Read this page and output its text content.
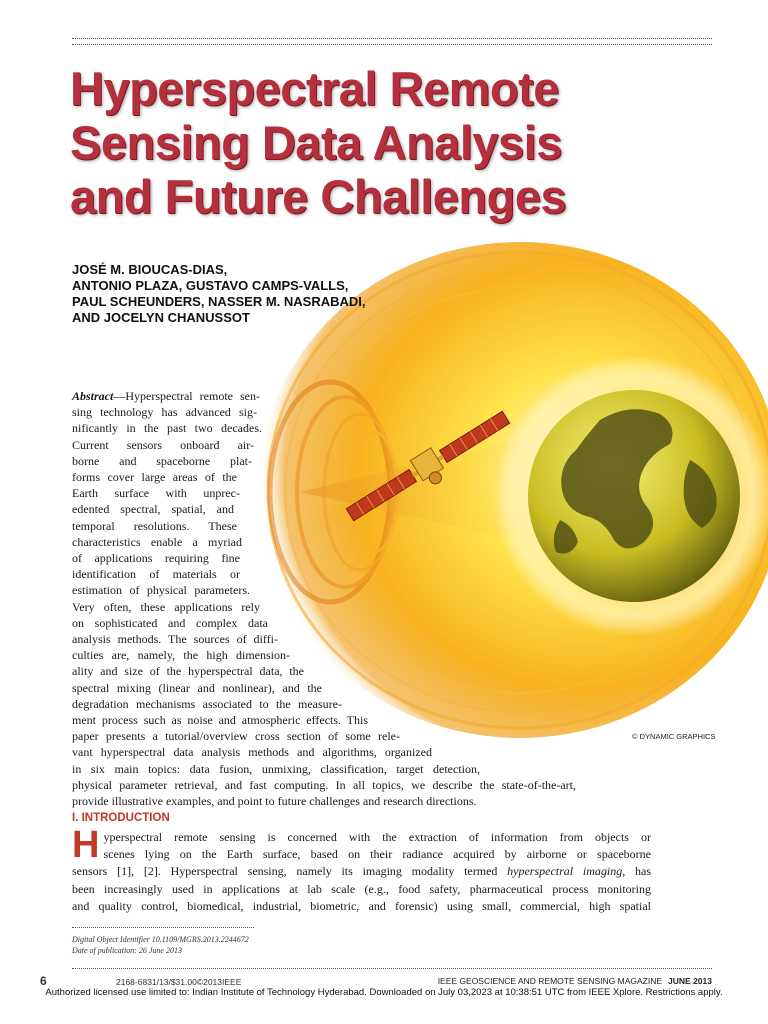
Hyperspectral Remote
Sensing Data Analysis
and Future Challenges
JOSÉ M. BIOUCAS-DIAS,
ANTONIO PLAZA, GUSTAVO CAMPS-VALLS,
PAUL SCHEUNDERS, NASSER M. NASRABADI,
AND JOCELYN CHANUSSOT
Abstract—Hyperspectral remote sen-
sing technology has advanced sig-
nificantly in the past two decades.
Current sensors onboard air-
borne and spaceborne plat-
forms cover large areas of the
Earth surface with unprec-
edented spectral, spatial, and
temporal resolutions. These
characteristics enable a myriad
of applications requiring fine
identification of materials or
estimation of physical parameters.
Very often, these applications rely
on sophisticated and complex data
analysis methods. The sources of diffi-
culties are, namely, the high dimension-
ality and size of the hyperspectral data, the
spectral mixing (linear and nonlinear), and the
degradation mechanisms associated to the measure-
ment process such as noise and atmospheric effects. This
paper presents a tutorial/overview cross section of some rele-
vant hyperspectral data analysis methods and algorithms, organized
in six main topics: data fusion, unmixing, classification, target detection,
physical parameter retrieval, and fast computing. In all topics, we describe the state-of-the-art,
provide illustrative examples, and point to future challenges and research directions.
© DYNAMIC GRAPHICS
I. INTRODUCTION
H yperspectral remote sensing is concerned with the extraction of information from objects or
scenes lying on the Earth surface, based on their radiance acquired by airborne or spaceborne
sensors [1], [2]. Hyperspectral sensing, namely its imaging modality termed hyperspectral imaging, has
been increasingly used in applications at lab scale (e.g., food safety, pharmaceutical process monitoring
and quality control, biomedical, industrial, biometric, and forensic) using small, commercial, high spatial
Digital Object Identifier 10.1109/MGRS.2013.2244672
Date of publication: 26 June 2013
6	2168-6831/13/$31.00©2013IEEE	IEEE GEOSCIENCE AND REMOTE SENSING MAGAZINE JUNE 2013
Authorized licensed use limited to: Indian Institute of Technology Hyderabad. Downloaded on July 03,2023 at 10:38:51 UTC from IEEE Xplore. Restrictions apply.
